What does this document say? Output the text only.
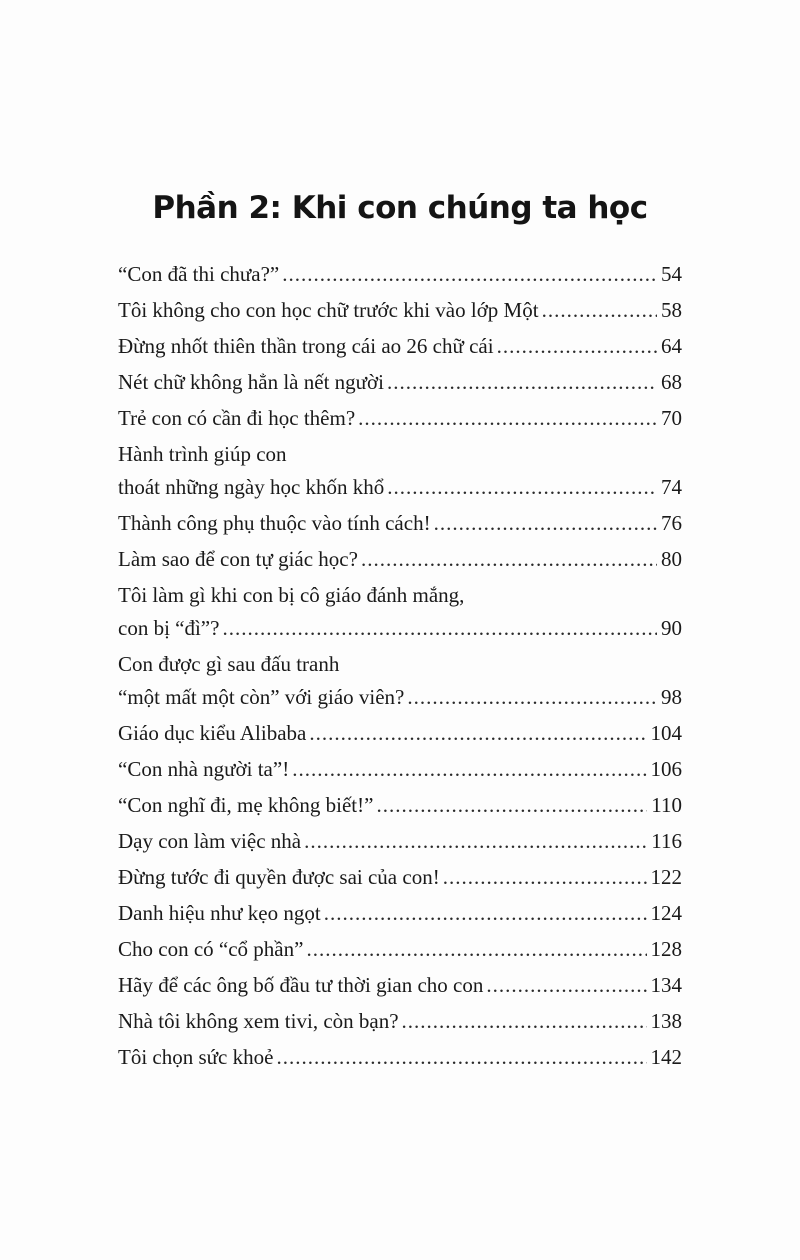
Phần 2: Khi con chúng ta học
“Con đã thi chưa?” .....	54
Tôi không cho con học chữ trước khi vào lớp Một .....	58
Đừng nhốt thiên thần trong cái ao 26 chữ cái .....	64
Nét chữ không hẳn là nết người .....	68
Trẻ con có cần đi học thêm? .....	70
Hành trình giúp con
thoát những ngày học khốn khổ .....	74
Thành công phụ thuộc vào tính cách! .....	76
Làm sao để con tự giác học? .....	80
Tôi làm gì khi con bị cô giáo đánh mắng,
con bị “đì”? .....	90
Con được gì sau đấu tranh
“một mất một còn” với giáo viên? .....	98
Giáo dục kiểu Alibaba .....	104
“Con nhà người ta”! .....	106
“Con nghĩ đi, mẹ không biết!” .....	110
Dạy con làm việc nhà .....	116
Đừng tước đi quyền được sai của con! .....	122
Danh hiệu như kẹo ngọt .....	124
Cho con có “cổ phần” .....	128
Hãy để các ông bố đầu tư thời gian cho con .....	134
Nhà tôi không xem tivi, còn bạn? .....	138
Tôi chọn sức khoẻ .....	142
